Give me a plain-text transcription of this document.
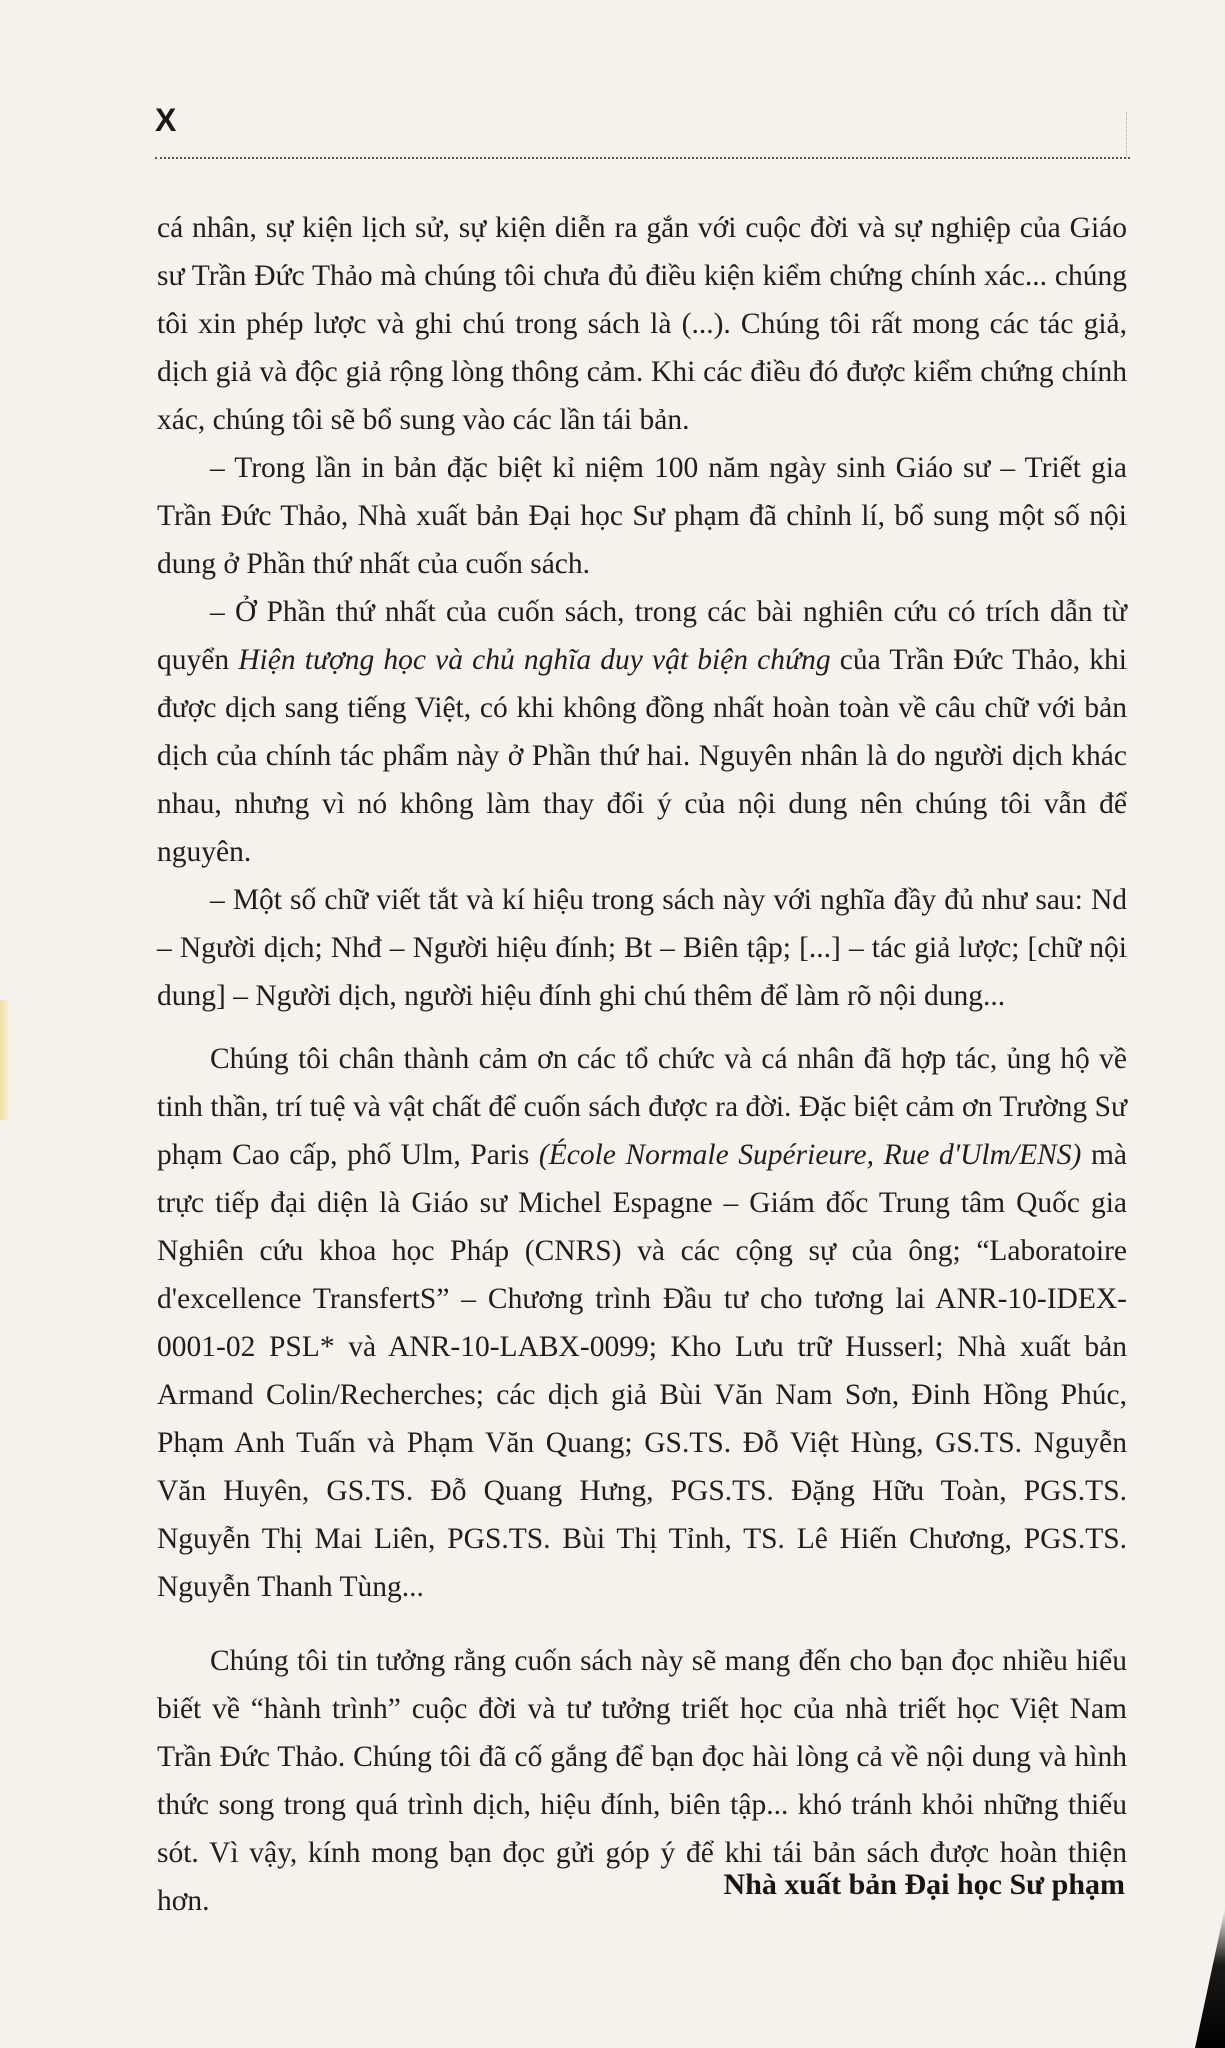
X

cá nhân, sự kiện lịch sử, sự kiện diễn ra gắn với cuộc đời và sự nghiệp của Giáo sư Trần Đức Thảo mà chúng tôi chưa đủ điều kiện kiểm chứng chính xác... chúng tôi xin phép lược và ghi chú trong sách là (...). Chúng tôi rất mong các tác giả, dịch giả và độc giả rộng lòng thông cảm. Khi các điều đó được kiểm chứng chính xác, chúng tôi sẽ bổ sung vào các lần tái bản.

– Trong lần in bản đặc biệt kỉ niệm 100 năm ngày sinh Giáo sư – Triết gia Trần Đức Thảo, Nhà xuất bản Đại học Sư phạm đã chỉnh lí, bổ sung một số nội dung ở Phần thứ nhất của cuốn sách.

– Ở Phần thứ nhất của cuốn sách, trong các bài nghiên cứu có trích dẫn từ quyển Hiện tượng học và chủ nghĩa duy vật biện chứng của Trần Đức Thảo, khi được dịch sang tiếng Việt, có khi không đồng nhất hoàn toàn về câu chữ với bản dịch của chính tác phẩm này ở Phần thứ hai. Nguyên nhân là do người dịch khác nhau, nhưng vì nó không làm thay đổi ý của nội dung nên chúng tôi vẫn để nguyên.

– Một số chữ viết tắt và kí hiệu trong sách này với nghĩa đầy đủ như sau: Nd – Người dịch; Nhđ – Người hiệu đính; Bt – Biên tập; [...] – tác giả lược; [chữ nội dung] – Người dịch, người hiệu đính ghi chú thêm để làm rõ nội dung...

Chúng tôi chân thành cảm ơn các tổ chức và cá nhân đã hợp tác, ủng hộ về tinh thần, trí tuệ và vật chất để cuốn sách được ra đời. Đặc biệt cảm ơn Trường Sư phạm Cao cấp, phố Ulm, Paris (École Normale Supérieure, Rue d'Ulm/ENS) mà trực tiếp đại diện là Giáo sư Michel Espagne – Giám đốc Trung tâm Quốc gia Nghiên cứu khoa học Pháp (CNRS) và các cộng sự của ông; “Laboratoire d'excellence TransfertS” – Chương trình Đầu tư cho tương lai ANR-10-IDEX-0001-02 PSL* và ANR-10-LABX-0099; Kho Lưu trữ Husserl; Nhà xuất bản Armand Colin/Recherches; các dịch giả Bùi Văn Nam Sơn, Đinh Hồng Phúc, Phạm Anh Tuấn và Phạm Văn Quang; GS.TS. Đỗ Việt Hùng, GS.TS. Nguyễn Văn Huyên, GS.TS. Đỗ Quang Hưng, PGS.TS. Đặng Hữu Toàn, PGS.TS. Nguyễn Thị Mai Liên, PGS.TS. Bùi Thị Tỉnh, TS. Lê Hiến Chương, PGS.TS. Nguyễn Thanh Tùng...

Chúng tôi tin tưởng rằng cuốn sách này sẽ mang đến cho bạn đọc nhiều hiểu biết về “hành trình” cuộc đời và tư tưởng triết học của nhà triết học Việt Nam Trần Đức Thảo. Chúng tôi đã cố gắng để bạn đọc hài lòng cả về nội dung và hình thức song trong quá trình dịch, hiệu đính, biên tập... khó tránh khỏi những thiếu sót. Vì vậy, kính mong bạn đọc gửi góp ý để khi tái bản sách được hoàn thiện hơn.	Nhà xuất bản Đại học Sư phạm
